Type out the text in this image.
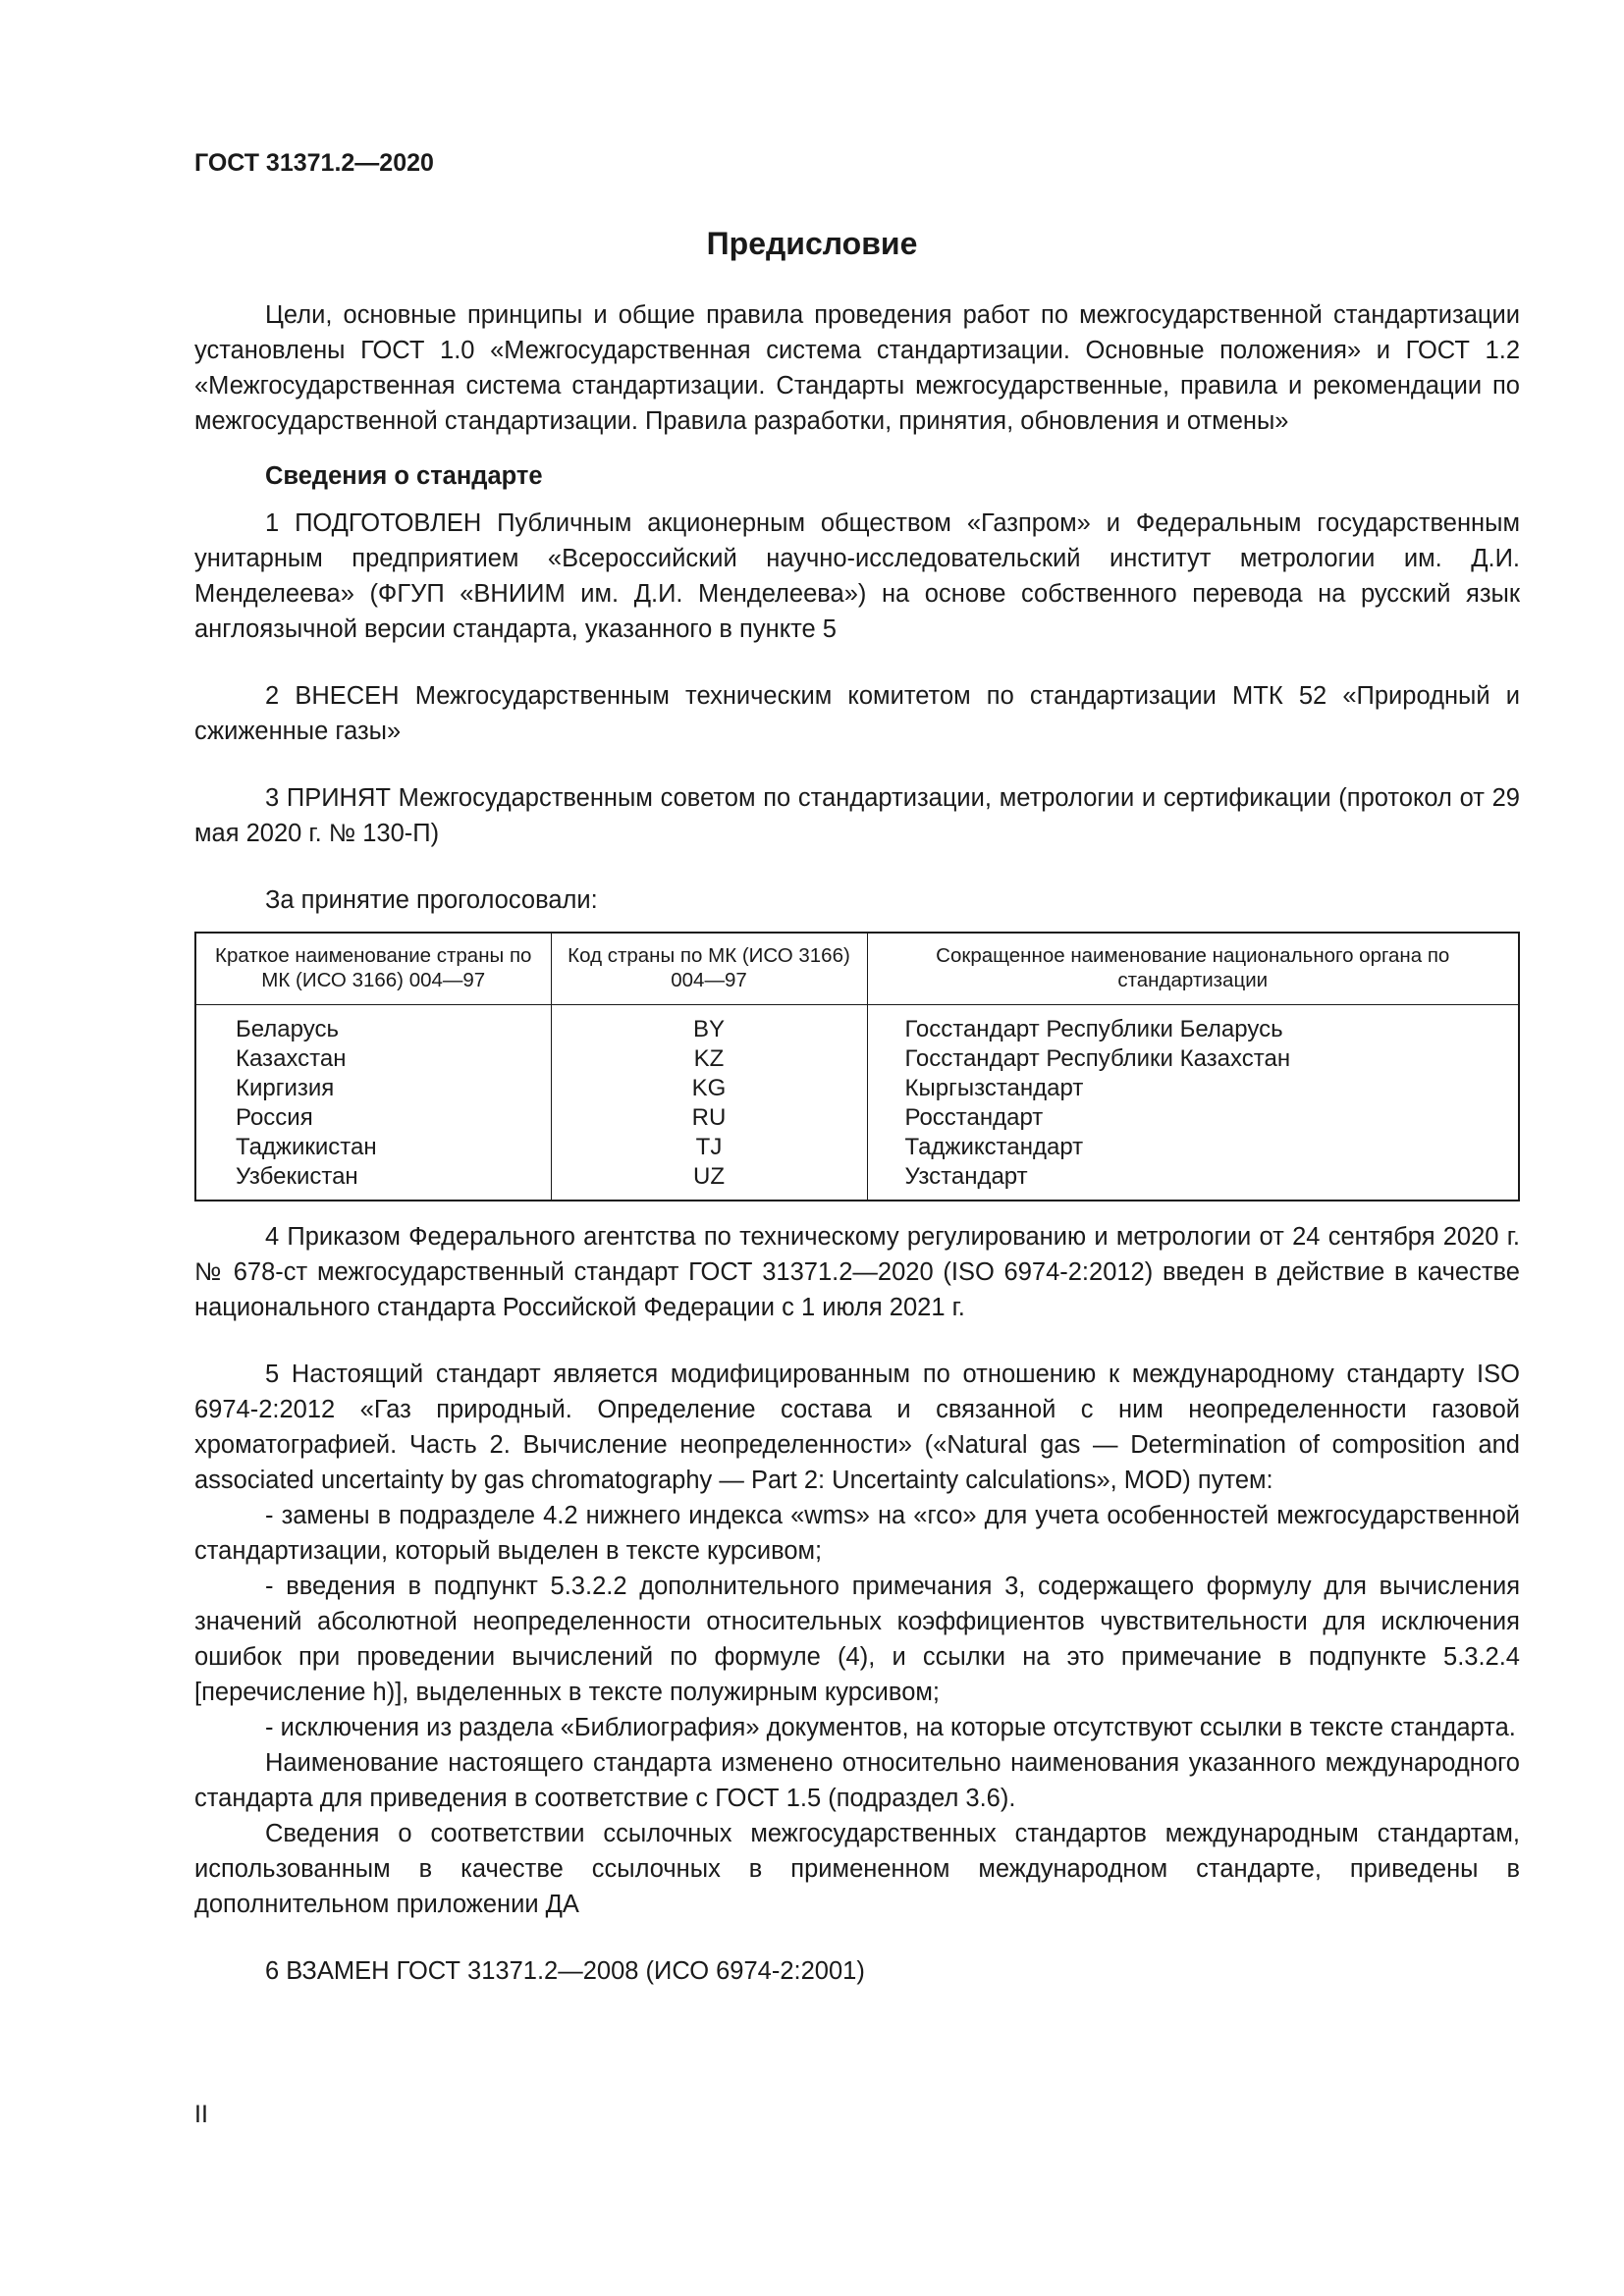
ГОСТ 31371.2—2020

Предисловие

Цели, основные принципы и общие правила проведения работ по межгосударственной стандартизации установлены ГОСТ 1.0 «Межгосударственная система стандартизации. Основные положения» и ГОСТ 1.2 «Межгосударственная система стандартизации. Стандарты межгосударственные, правила и рекомендации по межгосударственной стандартизации. Правила разработки, принятия, обновления и отмены»

Сведения о стандарте

1 ПОДГОТОВЛЕН Публичным акционерным обществом «Газпром» и Федеральным государственным унитарным предприятием «Всероссийский научно-исследовательский институт метрологии им. Д.И. Менделеева» (ФГУП «ВНИИМ им. Д.И. Менделеева») на основе собственного перевода на русский язык англоязычной версии стандарта, указанного в пункте 5

2 ВНЕСЕН Межгосударственным техническим комитетом по стандартизации МТК 52 «Природный и сжиженные газы»

3 ПРИНЯТ Межгосударственным советом по стандартизации, метрологии и сертификации (протокол от 29 мая 2020 г. № 130-П)

За принятие проголосовали:

Краткое наименование страны по МК (ИСО 3166) 004—97	Код страны по МК (ИСО 3166) 004—97	Сокращенное наименование национального органа по стандартизации
Беларусь	BY	Госстандарт Республики Беларусь
Казахстан	KZ	Госстандарт Республики Казахстан
Киргизия	KG	Кыргызстандарт
Россия	RU	Росстандарт
Таджикистан	TJ	Таджикстандарт
Узбекистан	UZ	Узстандарт

4 Приказом Федерального агентства по техническому регулированию и метрологии от 24 сентября 2020 г. № 678-ст межгосударственный стандарт ГОСТ 31371.2—2020 (ISO 6974-2:2012) введен в действие в качестве национального стандарта Российской Федерации с 1 июля 2021 г.

5 Настоящий стандарт является модифицированным по отношению к международному стандарту ISO 6974-2:2012 «Газ природный. Определение состава и связанной с ним неопределенности газовой хроматографией. Часть 2. Вычисление неопределенности» («Natural gas — Determination of composition and associated uncertainty by gas chromatography — Part 2: Uncertainty calculations», MOD) путем:

- замены в подразделе 4.2 нижнего индекса «wms» на «гсо» для учета особенностей межгосударственной стандартизации, который выделен в тексте курсивом;

- введения в подпункт 5.3.2.2 дополнительного примечания 3, содержащего формулу для вычисления значений абсолютной неопределенности относительных коэффициентов чувствительности для исключения ошибок при проведении вычислений по формуле (4), и ссылки на это примечание в подпункте 5.3.2.4 [перечисление h)], выделенных в тексте полужирным курсивом;

- исключения из раздела «Библиография» документов, на которые отсутствуют ссылки в тексте стандарта.

Наименование настоящего стандарта изменено относительно наименования указанного международного стандарта для приведения в соответствие с ГОСТ 1.5 (подраздел 3.6).

Сведения о соответствии ссылочных межгосударственных стандартов международным стандартам, использованным в качестве ссылочных в примененном международном стандарте, приведены в дополнительном приложении ДА

6 ВЗАМЕН ГОСТ 31371.2—2008 (ИСО 6974-2:2001)

II
